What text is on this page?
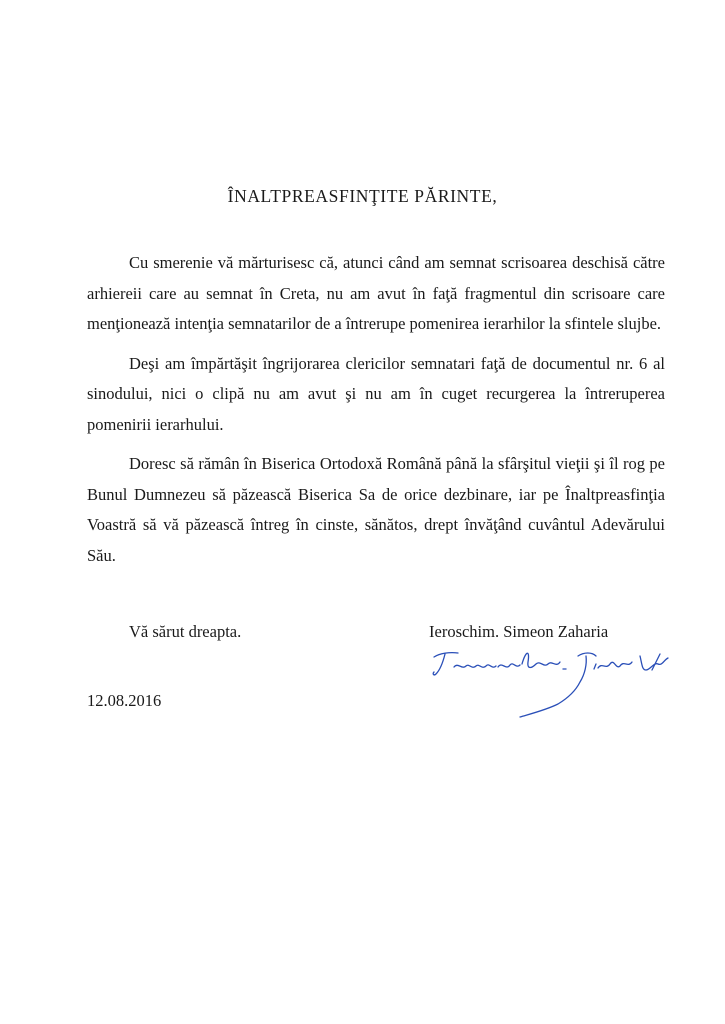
ÎNALTPREASFINŢITE PĂRINTE,

Cu smerenie vă mărturisesc că, atunci când am semnat scrisoarea deschisă către arhiereii care au semnat în Creta, nu am avut în faţă fragmentul din scrisoare care menţionează intenţia semnatarilor de a întrerupe pomenirea ierarhilor la sfintele slujbe.

Deşi am împărtăşit îngrijorarea clericilor semnatari faţă de documentul nr. 6 al sinodului, nici o clipă nu am avut şi nu am în cuget recurgerea la întreruperea pomenirii ierarhului.

Doresc să rămân în Biserica Ortodoxă Română până la sfârşitul vieţii şi îl rog pe Bunul Dumnezeu să păzească Biserica Sa de orice dezbinare, iar pe Înaltpreasfinţia Voastră să vă păzească întreg în cinste, sănătos, drept învăţând cuvântul Adevărului Său.

Vă sărut dreapta.	Ieroschim. Simeon Zaharia
12.08.2016
